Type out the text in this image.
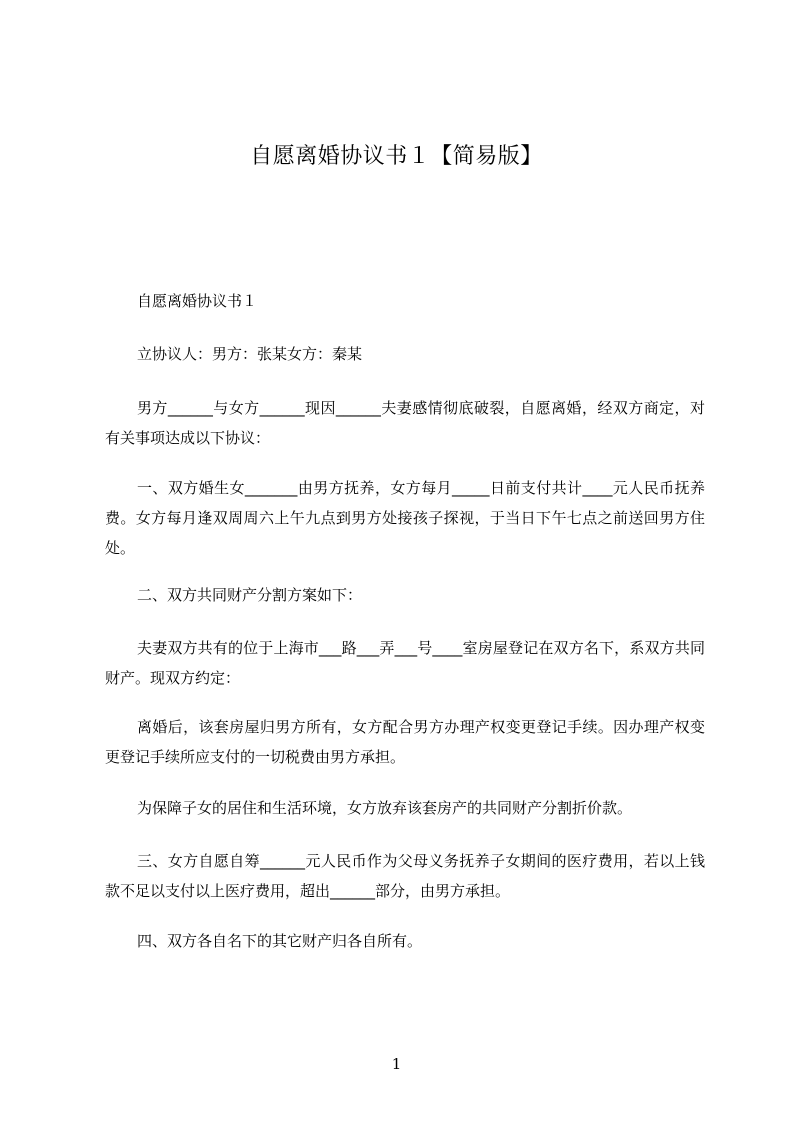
自愿离婚协议书１【简易版】
自愿离婚协议书１
立协议人：男方：张某女方：秦某
男方______与女方______现因______夫妻感情彻底破裂，自愿离婚，经双方商定，对有关事项达成以下协议：
一、双方婚生女_______由男方抚养，女方每月_____日前支付共计____元人民币抚养费。女方每月逢双周周六上午九点到男方处接孩子探视，于当日下午七点之前送回男方住处。
二、双方共同财产分割方案如下：
夫妻双方共有的位于上海市___路___弄___号____室房屋登记在双方名下，系双方共同财产。现双方约定：
离婚后，该套房屋归男方所有，女方配合男方办理产权变更登记手续。因办理产权变更登记手续所应支付的一切税费由男方承担。
为保障子女的居住和生活环境，女方放弃该套房产的共同财产分割折价款。
三、女方自愿自筹______元人民币作为父母义务抚养子女期间的医疗费用，若以上钱款不足以支付以上医疗费用，超出______部分，由男方承担。
四、双方各自名下的其它财产归各自所有。
1
